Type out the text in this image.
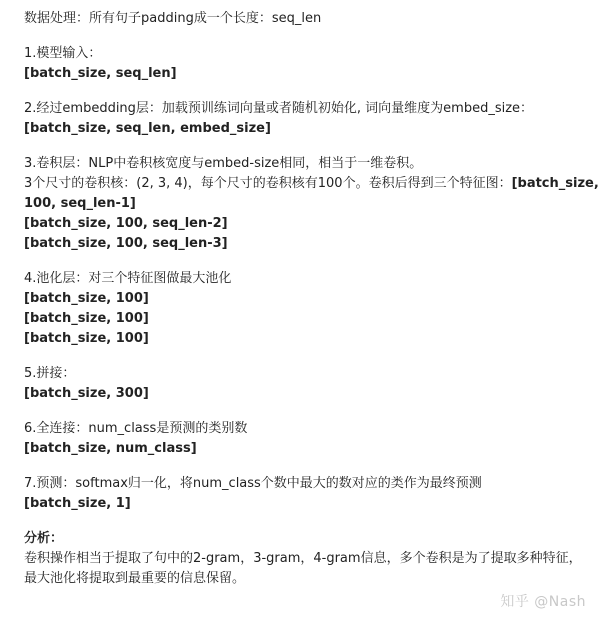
数据处理：所有句子padding成一个长度：seq_len
1.模型输入：
[batch_size, seq_len]
2.经过embedding层：加载预训练词向量或者随机初始化, 词向量维度为embed_size：
[batch_size, seq_len, embed_size]
3.卷积层：NLP中卷积核宽度与embed-size相同，相当于一维卷积。
3个尺寸的卷积核：(2, 3, 4)，每个尺寸的卷积核有100个。卷积后得到三个特征图：[batch_size,
100, seq_len-1]
[batch_size, 100, seq_len-2]
[batch_size, 100, seq_len-3]
4.池化层：对三个特征图做最大池化
[batch_size, 100]
[batch_size, 100]
[batch_size, 100]
5.拼接：
[batch_size, 300]
6.全连接：num_class是预测的类别数
[batch_size, num_class]
7.预测：softmax归一化，将num_class个数中最大的数对应的类作为最终预测
[batch_size, 1]
分析：
卷积操作相当于提取了句中的2-gram，3-gram，4-gram信息，多个卷积是为了提取多种特征，
最大池化将提取到最重要的信息保留。
知乎 @Nash
